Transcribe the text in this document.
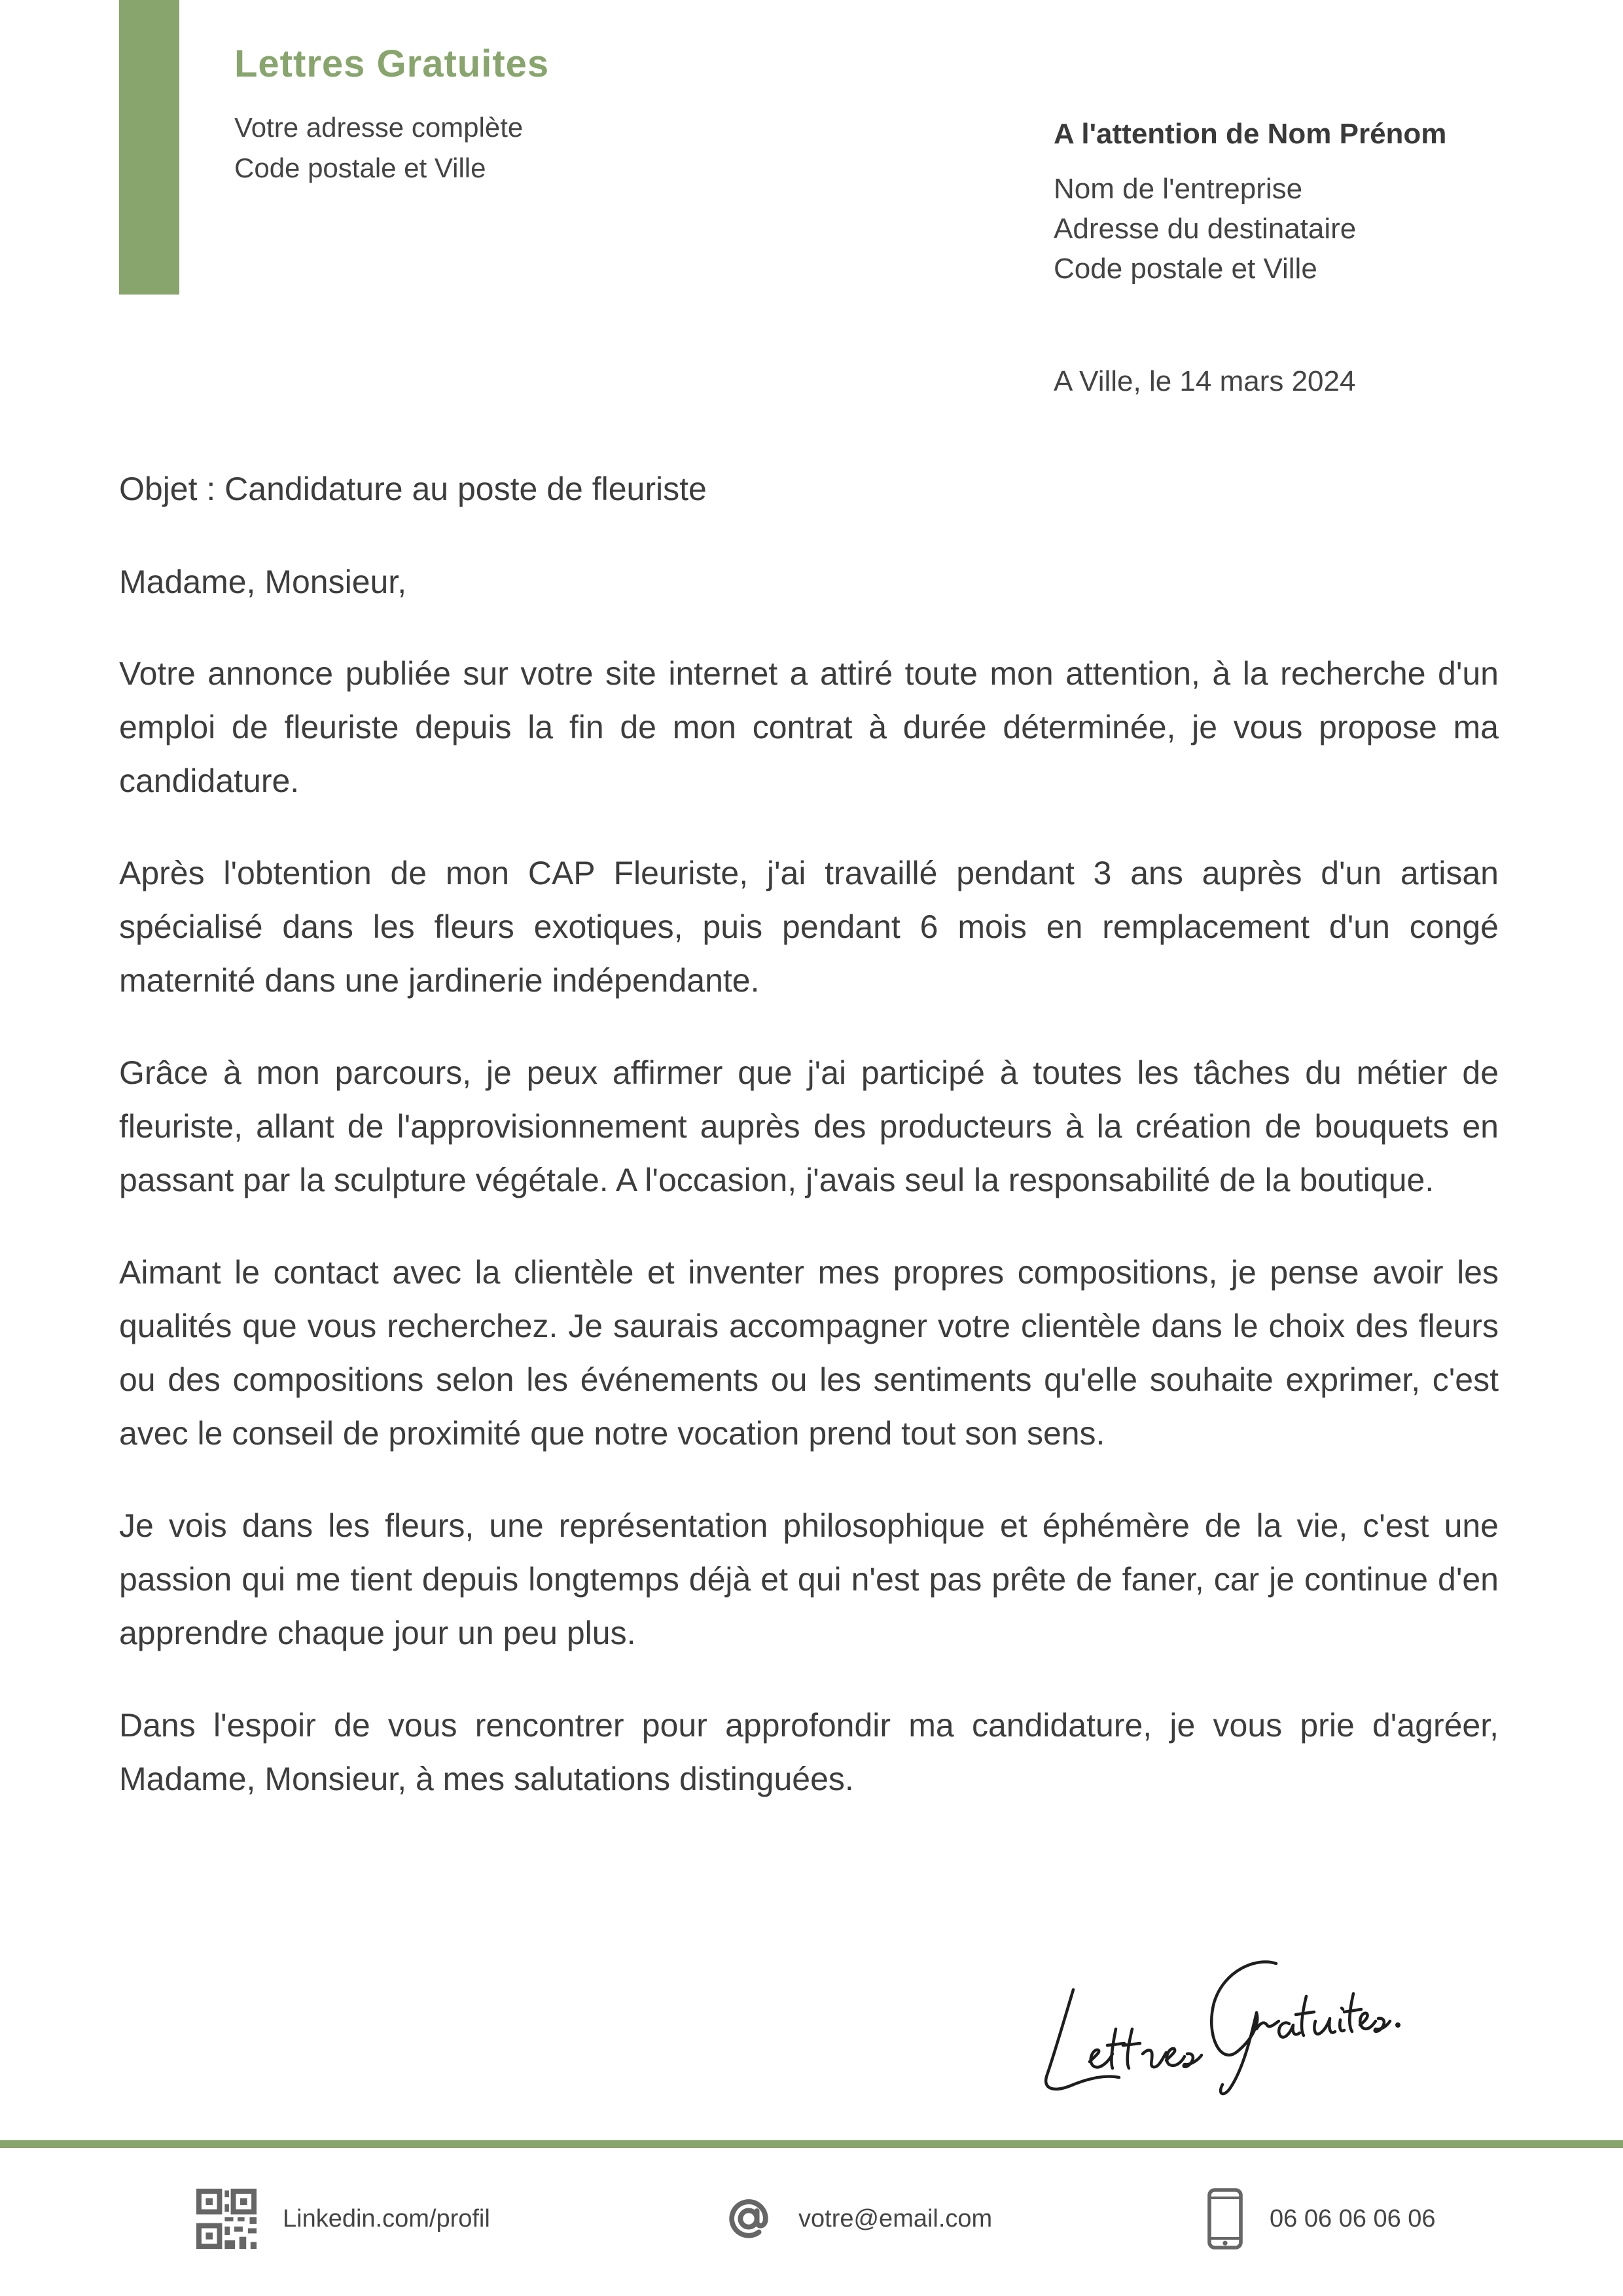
Lettres Gratuites
Votre adresse complète
Code postale et Ville
A l'attention de Nom Prénom
Nom de l'entreprise
Adresse du destinataire
Code postale et Ville
A Ville, le 14 mars 2024
Objet : Candidature au poste de fleuriste
Madame, Monsieur,

Votre annonce publiée sur votre site internet a attiré toute mon attention, à la recherche d'un emploi de fleuriste depuis la fin de mon contrat à durée déterminée, je vous propose ma candidature.

Après l'obtention de mon CAP Fleuriste, j'ai travaillé pendant 3 ans auprès d'un artisan spécialisé dans les fleurs exotiques, puis pendant 6 mois en remplacement d'un congé maternité dans une jardinerie indépendante.

Grâce à mon parcours, je peux affirmer que j'ai participé à toutes les tâches du métier de fleuriste, allant de l'approvisionnement auprès des producteurs à la création de bouquets en passant par la sculpture végétale. A l'occasion, j'avais seul la responsabilité de la boutique.

Aimant le contact avec la clientèle et inventer mes propres compositions, je pense avoir les qualités que vous recherchez. Je saurais accompagner votre clientèle dans le choix des fleurs ou des compositions selon les événements ou les sentiments qu'elle souhaite exprimer, c'est avec le conseil de proximité que notre vocation prend tout son sens.

Je vois dans les fleurs, une représentation philosophique et éphémère de la vie, c'est une passion qui me tient depuis longtemps déjà et qui n'est pas prête de faner, car je continue d'en apprendre chaque jour un peu plus.

Dans l'espoir de vous rencontrer pour approfondir ma candidature, je vous prie d'agréer, Madame, Monsieur, à mes salutations distinguées.

Linkedin.com/profil	votre@email.com	06 06 06 06 06
